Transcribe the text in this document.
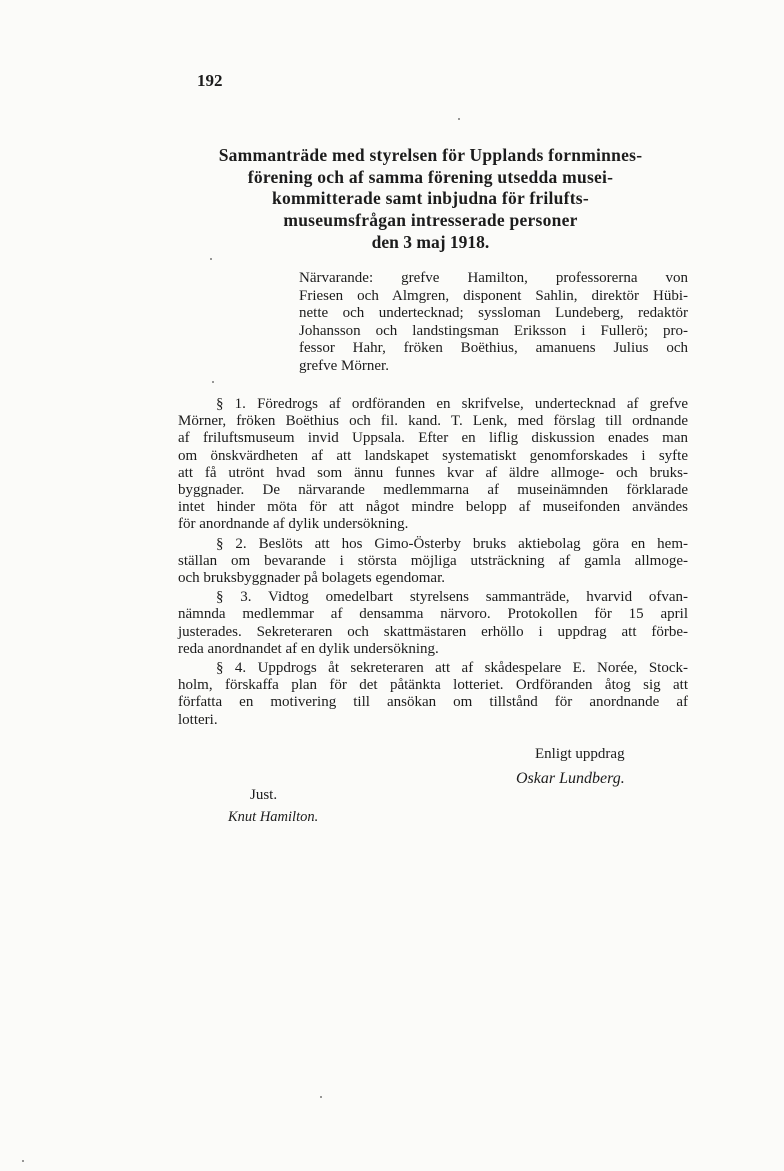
192
Sammanträde med styrelsen för Upplands fornminnes-
förening och af samma förening utsedda musei-
kommitterade samt inbjudna för frilufts-
museumsfrågan intresserade personer
den 3 maj 1918.
Närvarande: grefve Hamilton, professorerna von
Friesen och Almgren, disponent Sahlin, direktör Hübi-
nette och undertecknad; syssloman Lundeberg, redaktör
Johansson och landstingsman Eriksson i Fullerö; pro-
fessor Hahr, fröken Boëthius, amanuens Julius och
grefve Mörner.
§ 1. Föredrogs af ordföranden en skrifvelse, undertecknad af grefve
Mörner, fröken Boëthius och fil. kand. T. Lenk, med förslag till ordnande
af friluftsmuseum invid Uppsala. Efter en liflig diskussion enades man
om önskvärdheten af att landskapet systematiskt genomforskades i syfte
att få utrönt hvad som ännu funnes kvar af äldre allmoge- och bruks-
byggnader. De närvarande medlemmarna af museinämnden förklarade
intet hinder möta för att något mindre belopp af museifonden användes
för anordnande af dylik undersökning.
§ 2. Beslöts att hos Gimo-Österby bruks aktiebolag göra en hem-
ställan om bevarande i största möjliga utsträckning af gamla allmoge-
och bruksbyggnader på bolagets egendomar.
§ 3. Vidtog omedelbart styrelsens sammanträde, hvarvid ofvan-
nämnda medlemmar af densamma närvoro. Protokollen för 15 april
justerades. Sekreteraren och skattmästaren erhöllo i uppdrag att förbe-
reda anordnandet af en dylik undersökning.
§ 4. Uppdrogs åt sekreteraren att af skådespelare E. Norée, Stock-
holm, förskaffa plan för det påtänkta lotteriet. Ordföranden åtog sig att
författa en motivering till ansökan om tillstånd för anordnande af
lotteri.
Enligt uppdrag
Oskar Lundberg.
Just.
Knut Hamilton.
